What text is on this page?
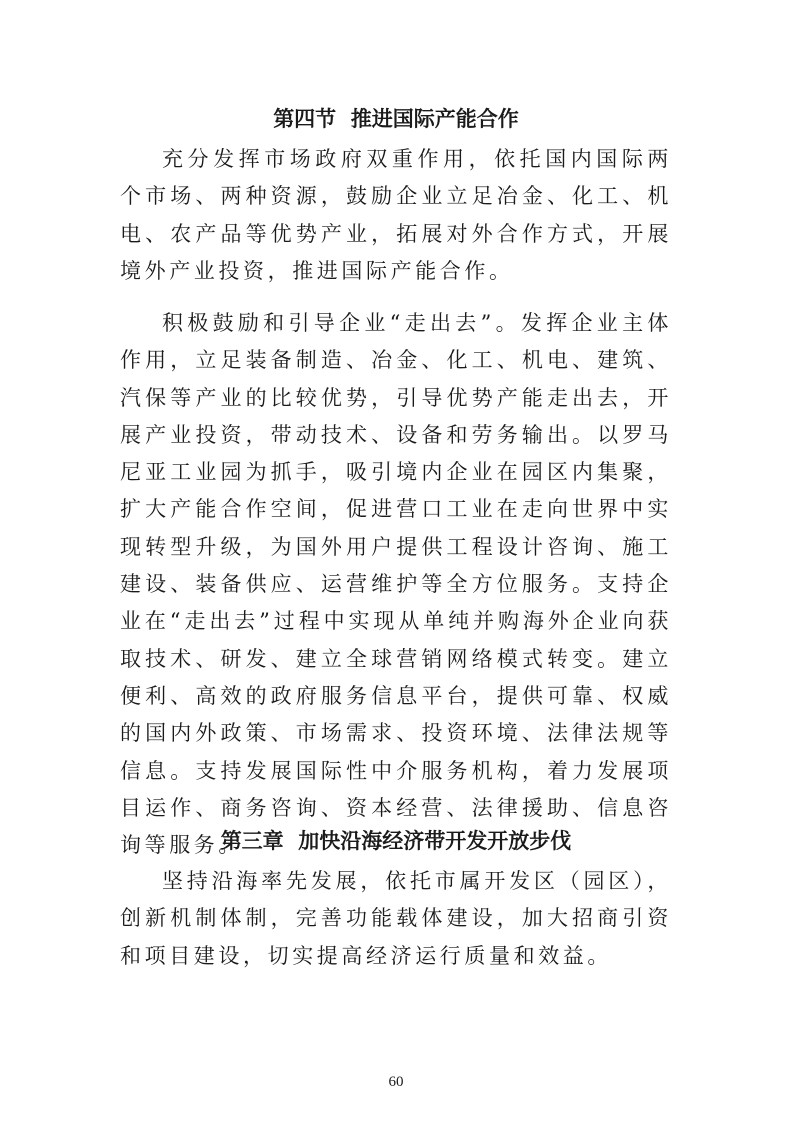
第四节  推进国际产能合作

充分发挥市场政府双重作用，依托国内国际两个市场、两种资源，鼓励企业立足冶金、化工、机电、农产品等优势产业，拓展对外合作方式，开展境外产业投资，推进国际产能合作。

积极鼓励和引导企业“走出去”。发挥企业主体作用，立足装备制造、冶金、化工、机电、建筑、汽保等产业的比较优势，引导优势产能走出去，开展产业投资，带动技术、设备和劳务输出。以罗马尼亚工业园为抓手，吸引境内企业在园区内集聚，扩大产能合作空间，促进营口工业在走向世界中实现转型升级，为国外用户提供工程设计咨询、施工建设、装备供应、运营维护等全方位服务。支持企业在“走出去”过程中实现从单纯并购海外企业向获取技术、研发、建立全球营销网络模式转变。建立便利、高效的政府服务信息平台，提供可靠、权威的国内外政策、市场需求、投资环境、法律法规等信息。支持发展国际性中介服务机构，着力发展项目运作、商务咨询、资本经营、法律援助、信息咨询等服务。

第三章  加快沿海经济带开发开放步伐

坚持沿海率先发展，依托市属开发区（园区），创新机制体制，完善功能载体建设，加大招商引资和项目建设，切实提高经济运行质量和效益。

60
